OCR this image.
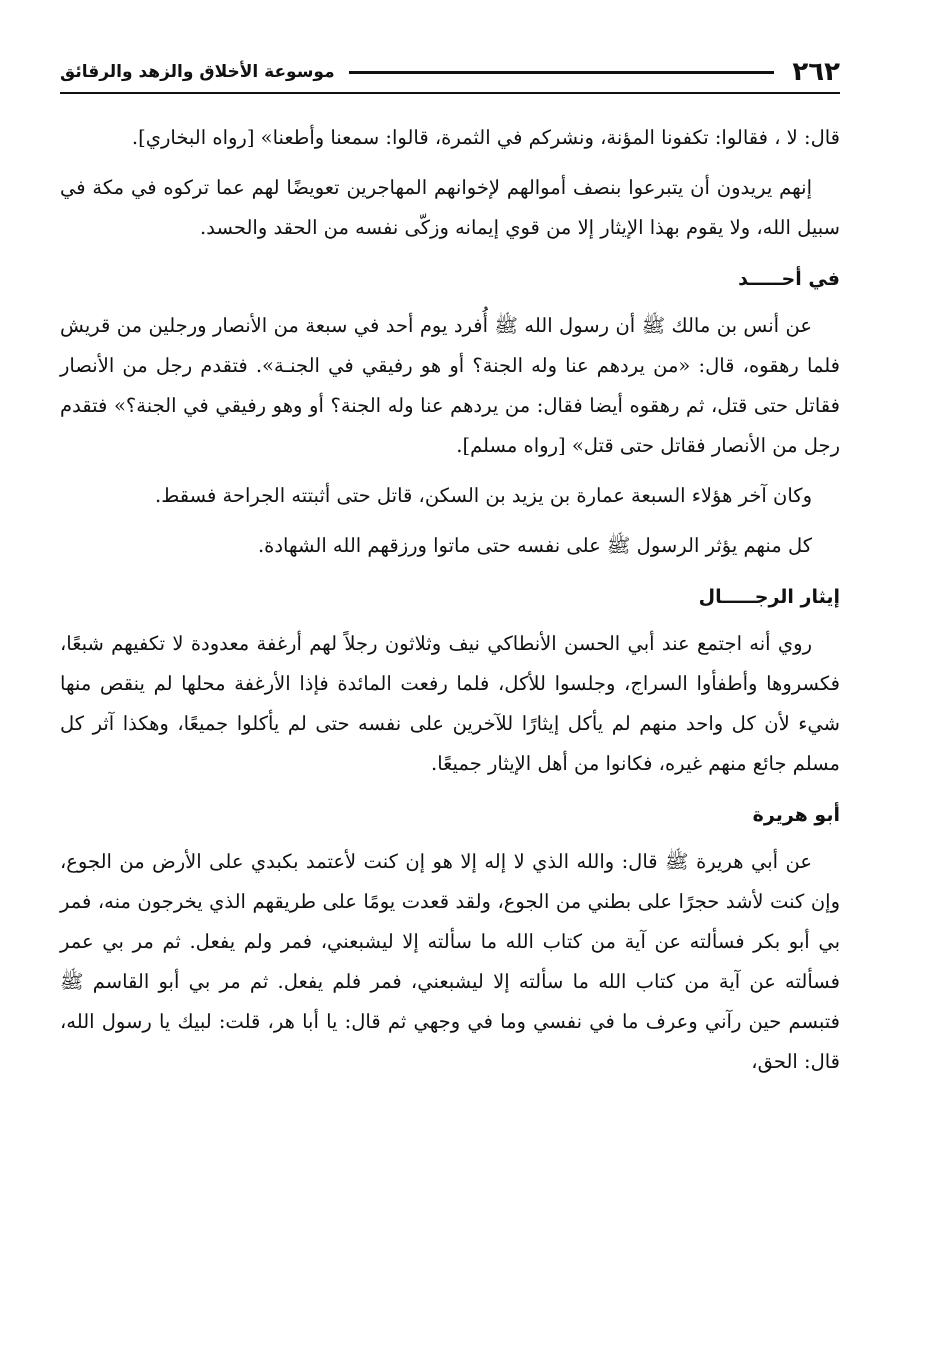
٢٦٢
موسوعة الأخلاق والزهد والرقائق

قال: لا ، فقالوا: تكفونا المؤنة، ونشركم في الثمرة، قالوا: سمعنا وأطعنا» [رواه البخاري].

إنهم يريدون أن يتبرعوا بنصف أموالهم لإخوانهم المهاجرين تعويضًا لهم عما تركوه في مكة في سبيل الله، ولا يقوم بهذا الإيثار إلا من قوي إيمانه وزكّى نفسه من الحقد والحسد.

في أحـــــد

عن أنس بن مالك ﷺ أن رسول الله ﷺ أُفرد يوم أحد في سبعة من الأنصار ورجلين من قريش فلما رهقوه، قال: «من يردهم عنا وله الجنة؟ أو هو رفيقي في الجنـة». فتقدم رجل من الأنصار فقاتل حتى قتل، ثم رهقوه أيضا فقال: من يردهم عنا وله الجنة؟ أو وهو رفيقي في الجنة؟» فتقدم رجل من الأنصار فقاتل حتى قتل» [رواه مسلم].

وكان آخر هؤلاء السبعة عمارة بن يزيد بن السكن، قاتل حتى أثبتته الجراحة فسقط.

كل منهم يؤثر الرسول ﷺ على نفسه حتى ماتوا ورزقهم الله الشهادة.

إيثار الرجـــــال

روي أنه اجتمع عند أبي الحسن الأنطاكي نيف وثلاثون رجلاً لهم أرغفة معدودة لا تكفيهم شبعًا، فكسروها وأطفأوا السراج، وجلسوا للأكل، فلما رفعت المائدة فإذا الأرغفة محلها لم ينقص منها شيء لأن كل واحد منهم لم يأكل إيثارًا للآخرين على نفسه حتى لم يأكلوا جميعًا، وهكذا آثر كل مسلم جائع منهم غيره، فكانوا من أهل الإيثار جميعًا.

أبو هريرة

عن أبي هريرة ﷺ قال: والله الذي لا إله إلا هو إن كنت لأعتمد بكبدي على الأرض من الجوع، وإن كنت لأشد حجرًا على بطني من الجوع، ولقد قعدت يومًا على طريقهم الذي يخرجون منه، فمر بي أبو بكر فسألته عن آية من كتاب الله ما سألته إلا ليشبعني، فمر ولم يفعل. ثم مر بي عمر فسألته عن آية من كتاب الله ما سألته إلا ليشبعني، فمر فلم يفعل. ثم مر بي أبو القاسم ﷺ فتبسم حين رآني وعرف ما في نفسي وما في وجهي ثم قال: يا أبا هر، قلت: لبيك يا رسول الله، قال: الحق،
